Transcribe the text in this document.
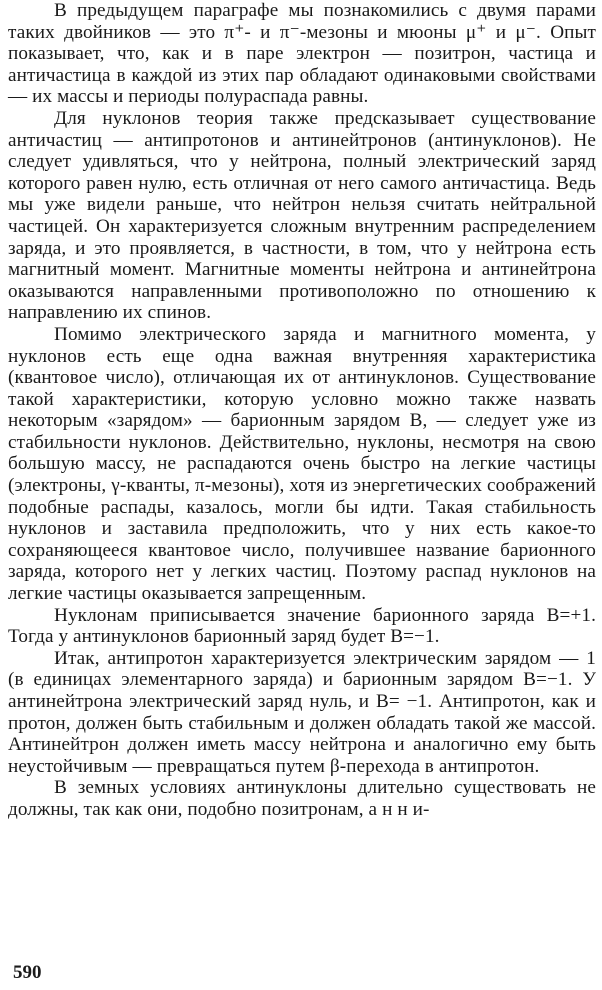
В предыдущем параграфе мы познакомились с двумя парами таких двойников — это π⁺- и π⁻-мезоны и мюоны μ⁺ и μ⁻. Опыт показывает, что, как и в паре электрон — позитрон, частица и античастица в каждой из этих пар обладают одинаковыми свойствами — их массы и периоды полураспада равны.

Для нуклонов теория также предсказывает существование античастиц — антипротонов и антинейтронов (антинуклонов). Не следует удивляться, что у нейтрона, полный электрический заряд которого равен нулю, есть отличная от него самого античастица. Ведь мы уже видели раньше, что нейтрон нельзя считать нейтральной частицей. Он характеризуется сложным внутренним распределением заряда, и это проявляется, в частности, в том, что у нейтрона есть магнитный момент. Магнитные моменты нейтрона и антинейтрона оказываются направленными противоположно по отношению к направлению их спинов.

Помимо электрического заряда и магнитного момента, у нуклонов есть еще одна важная внутренняя характеристика (квантовое число), отличающая их от антинуклонов. Существование такой характеристики, которую условно можно также назвать некоторым «зарядом» — барионным зарядом B, — следует уже из стабильности нуклонов. Действительно, нуклоны, несмотря на свою большую массу, не распадаются очень быстро на легкие частицы (электроны, γ-кванты, π-мезоны), хотя из энергетических соображений подобные распады, казалось, могли бы идти. Такая стабильность нуклонов и заставила предположить, что у них есть какое-то сохраняющееся квантовое число, получившее название барионного заряда, которого нет у легких частиц. Поэтому распад нуклонов на легкие частицы оказывается запрещенным.

Нуклонам приписывается значение барионного заряда B=+1. Тогда у антинуклонов барионный заряд будет B=−1.

Итак, антипротон характеризуется электрическим зарядом — 1 (в единицах элементарного заряда) и барионным зарядом B=−1. У антинейтрона электрический заряд нуль, и B= −1. Антипротон, как и протон, должен быть стабильным и должен обладать такой же массой. Антинейтрон должен иметь массу нейтрона и аналогично ему быть неустойчивым — превращаться путем β-перехода в антипротон.

В земных условиях антинуклоны длительно существовать не должны, так как они, подобно позитронам, а н н и-

590
